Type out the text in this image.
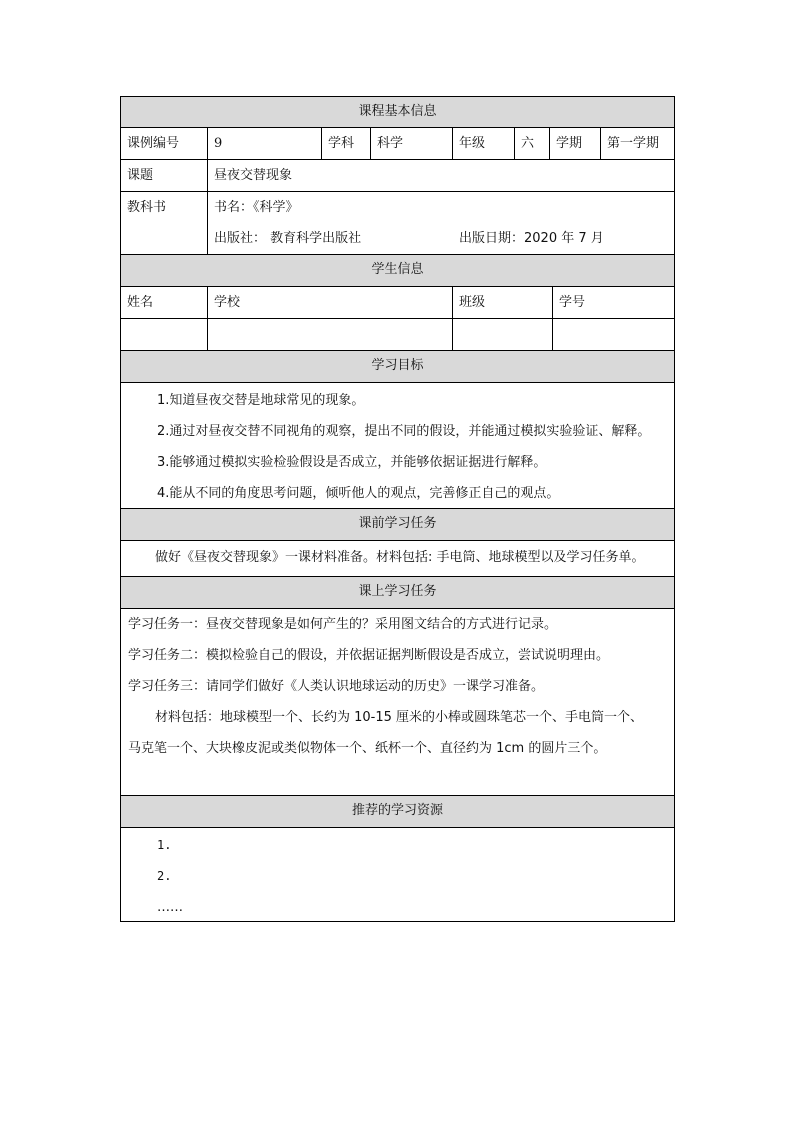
课程基本信息
课例编号	9	学科	科学	年级	六	学期	第一学期
课题	昼夜交替现象
教科书	书名：《科学》
出版社： 教育科学出版社	出版日期：2020 年 7 月
学生信息
姓名	学校	班级	学号
学习目标
1.知道昼夜交替是地球常见的现象。
2.通过对昼夜交替不同视角的观察，提出不同的假设，并能通过模拟实验验证、解释。
3.能够通过模拟实验检验假设是否成立，并能够依据证据进行解释。
4.能从不同的角度思考问题，倾听他人的观点，完善修正自己的观点。
课前学习任务
做好《昼夜交替现象》一课材料准备。材料包括: 手电筒、地球模型以及学习任务单。
课上学习任务
学习任务一：昼夜交替现象是如何产生的？采用图文结合的方式进行记录。
学习任务二：模拟检验自己的假设，并依据证据判断假设是否成立，尝试说明理由。
学习任务三：请同学们做好《人类认识地球运动的历史》一课学习准备。
材料包括：地球模型一个、长约为 10-15 厘米的小棒或圆珠笔芯一个、手电筒一个、
马克笔一个、大块橡皮泥或类似物体一个、纸杯一个、直径约为 1cm 的圆片三个。
推荐的学习资源
1.
2.
……
